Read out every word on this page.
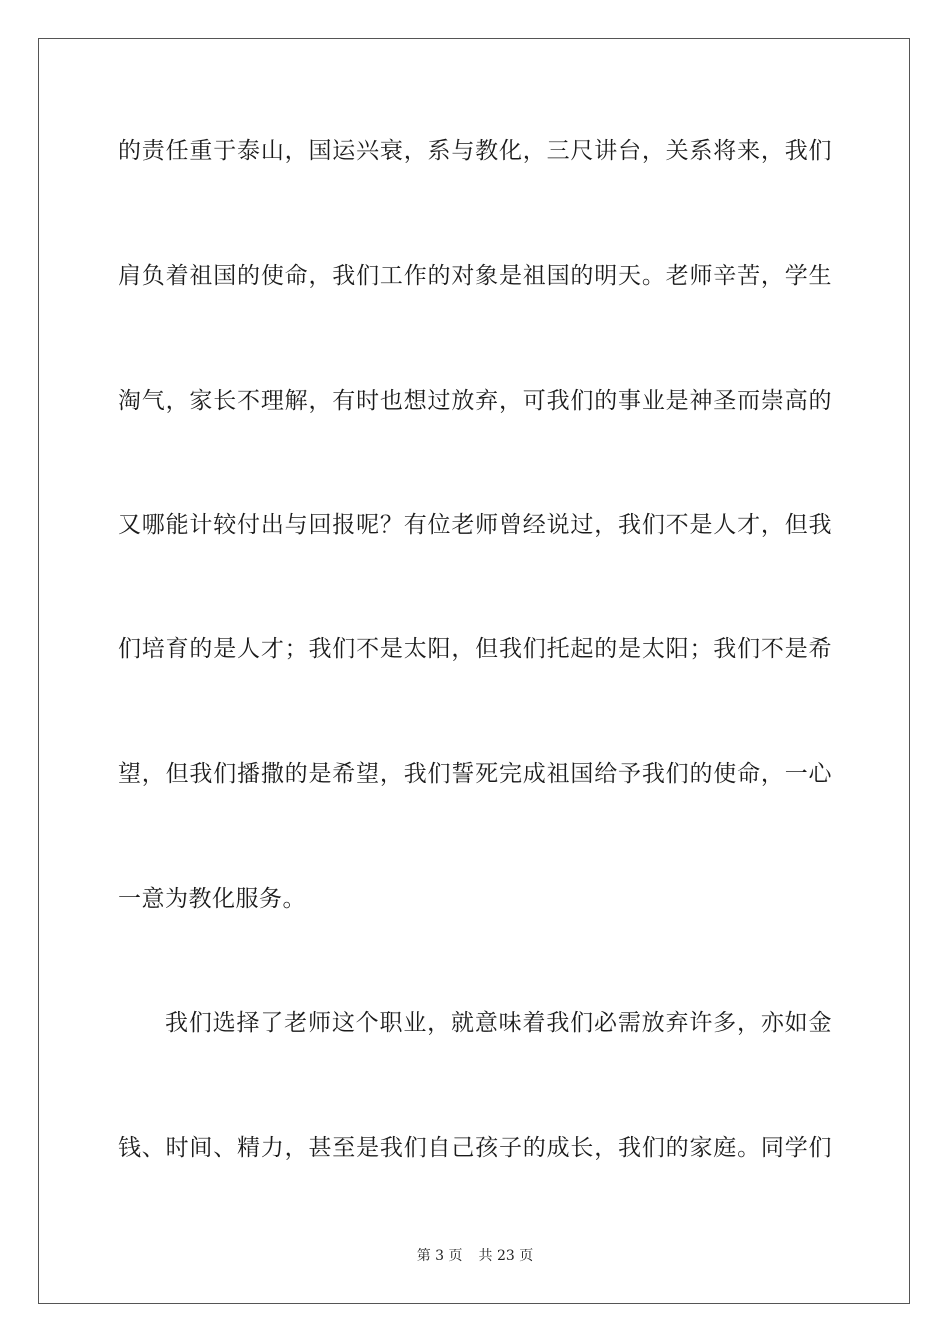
的责任重于泰山，国运兴衰，系与教化，三尺讲台，关系将来，我们
肩负着祖国的使命，我们工作的对象是祖国的明天。老师辛苦，学生
淘气，家长不理解，有时也想过放弃，可我们的事业是神圣而崇高的
又哪能计较付出与回报呢？有位老师曾经说过，我们不是人才，但我
们培育的是人才；我们不是太阳，但我们托起的是太阳；我们不是希
望，但我们播撒的是希望，我们誓死完成祖国给予我们的使命，一心
一意为教化服务。
我们选择了老师这个职业，就意味着我们必需放弃许多，亦如金
钱、时间、精力，甚至是我们自己孩子的成长，我们的家庭。同学们
第 3 页 共 23 页
